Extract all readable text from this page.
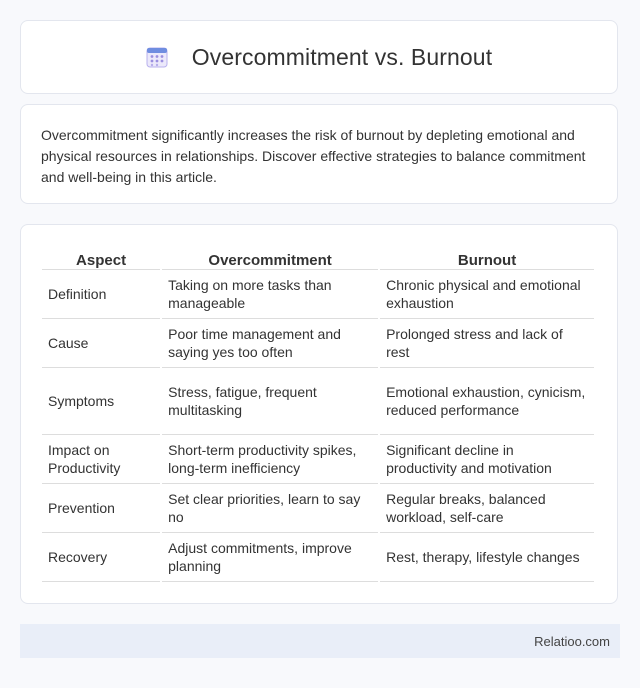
Overcommitment vs. Burnout
Overcommitment significantly increases the risk of burnout by depleting emotional and physical resources in relationships. Discover effective strategies to balance commitment and well-being in this article.
Aspect	Overcommitment	Burnout
Definition	Taking on more tasks than manageable	Chronic physical and emotional exhaustion
Cause	Poor time management and saying yes too often	Prolonged stress and lack of rest
Symptoms	Stress, fatigue, frequent multitasking	Emotional exhaustion, cynicism, reduced performance
Impact on Productivity	Short-term productivity spikes, long-term inefficiency	Significant decline in productivity and motivation
Prevention	Set clear priorities, learn to say no	Regular breaks, balanced workload, self-care
Recovery	Adjust commitments, improve planning	Rest, therapy, lifestyle changes
Relatioo.com
